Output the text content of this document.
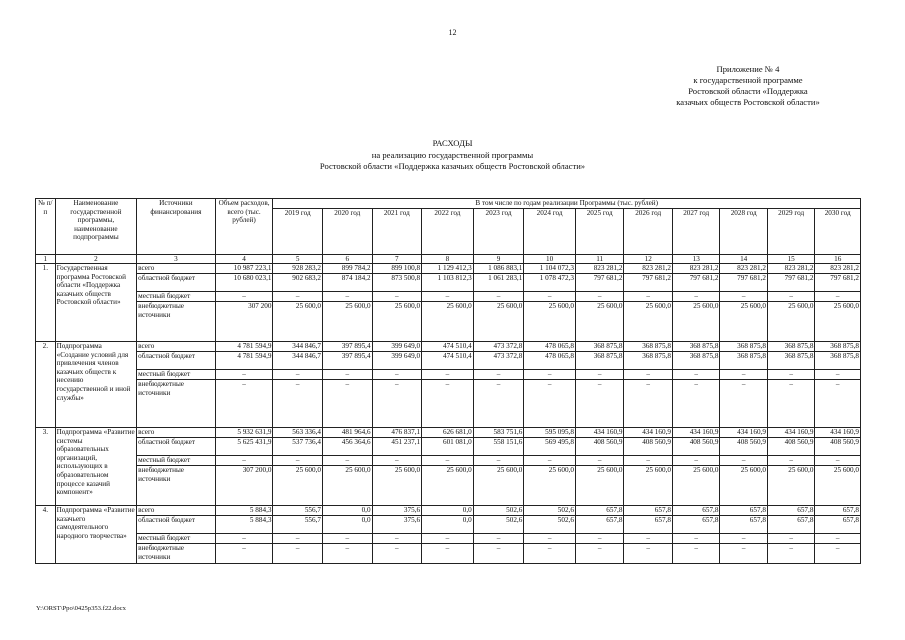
12
Приложение № 4
к государственной программе
Ростовской области «Поддержка
казачьих обществ Ростовской области»
РАСХОДЫ
на реализацию государственной программы
Ростовской области «Поддержка казачьих обществ Ростовской области»
№ п/п	Наименование государственной программы, наименование подпрограммы	Источники финансирования	Объем расходов, всего (тыс. рублей)	В том числе по годам реализации Программы (тыс. рублей)											
				2019 год	2020 год	2021 год	2022 год	2023 год	2024 год	2025 год	2026 год	2027 год	2028 год	2029 год	2030 год
1	2	3	4	5	6	7	8	9	10	11	12	13	14	15	16
1.	Государственная программа Ростовской области «Поддержка казачьих обществ Ростовской области»	всего	10 987 223,1	928 283,2	899 784,2	899 100,8	1 129 412,3	1 086 883,1	1 104 072,3	823 281,2	823 281,2	823 281,2	823 281,2	823 281,2	823 281,2
		областной бюджет	10 680 023,1	902 683,2	874 184,2	873 500,8	1 103 812,3	1 061 283,1	1 078 472,3	797 681,2	797 681,2	797 681,2	797 681,2	797 681,2	797 681,2
		местный бюджет	–	–	–	–	–	–	–	–	–	–	–	–	–
		внебюджетные источники	307 200	25 600,0	25 600,0	25 600,0	25 600,0	25 600,0	25 600,0	25 600,0	25 600,0	25 600,0	25 600,0	25 600,0	25 600,0
2.	Подпрограмма «Создание условий для привлечения членов казачьих обществ к несению государственной и иной службы»	всего	4 781 594,9	344 846,7	397 895,4	399 649,0	474 510,4	473 372,8	478 065,8	368 875,8	368 875,8	368 875,8	368 875,8	368 875,8	368 875,8
		областной бюджет	4 781 594,9	344 846,7	397 895,4	399 649,0	474 510,4	473 372,8	478 065,8	368 875,8	368 875,8	368 875,8	368 875,8	368 875,8	368 875,8
		местный бюджет	–	–	–	–	–	–	–	–	–	–	–	–	–
		внебюджетные источники	–	–	–	–	–	–	–	–	–	–	–	–	–
3.	Подпрограмма «Развитие системы образовательных организаций, использующих в образовательном процессе казачий компонент»	всего	5 932 631,9	563 336,4	481 964,6	476 837,1	626 681,0	583 751,6	595 095,8	434 160,9	434 160,9	434 160,9	434 160,9	434 160,9	434 160,9
		областной бюджет	5 625 431,9	537 736,4	456 364,6	451 237,1	601 081,0	558 151,6	569 495,8	408 560,9	408 560,9	408 560,9	408 560,9	408 560,9	408 560,9
		местный бюджет	–	–	–	–	–	–	–	–	–	–	–	–	–
		внебюджетные источники	307 200,0	25 600,0	25 600,0	25 600,0	25 600,0	25 600,0	25 600,0	25 600,0	25 600,0	25 600,0	25 600,0	25 600,0	25 600,0
4.	Подпрограмма «Развитие казачьего самодеятельного народного творчества»	всего	5 884,3	556,7	0,0	375,6	0,0	502,6	502,6	657,8	657,8	657,8	657,8	657,8	657,8
		областной бюджет	5 884,3	556,7	0,0	375,6	0,0	502,6	502,6	657,8	657,8	657,8	657,8	657,8	657,8
		местный бюджет	–	–	–	–	–	–	–	–	–	–	–	–	–
		внебюджетные источники	–	–	–	–	–	–	–	–	–	–	–	–	–
Y:\ORST\Ppo\0425p353.f22.docx
